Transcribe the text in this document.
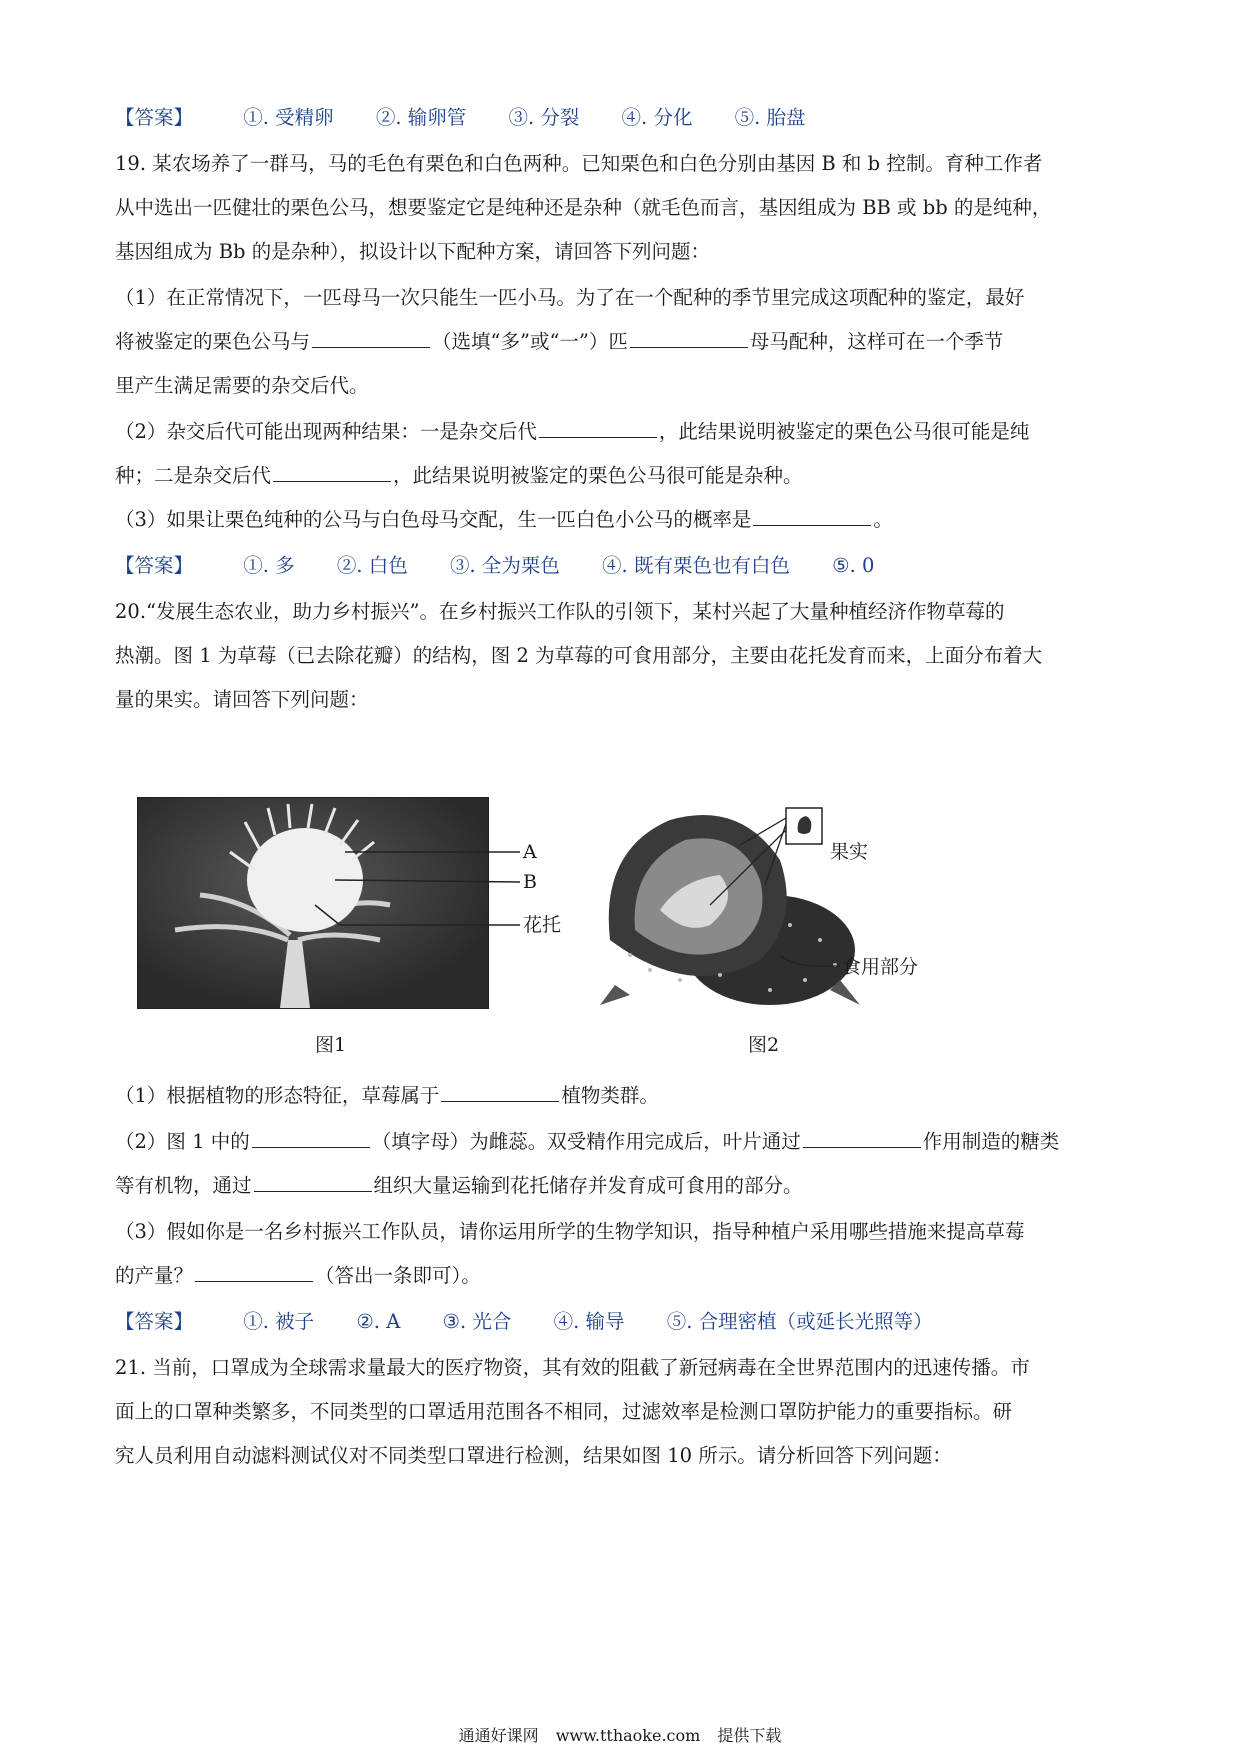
【答案】	①. 受精卵 ②. 输卵管 ③. 分裂 ④. 分化 ⑤. 胎盘
19. 某农场养了一群马，马的毛色有栗色和白色两种。已知栗色和白色分别由基因 B 和 b 控制。育种工作者
从中选出一匹健壮的栗色公马，想要鉴定它是纯种还是杂种（就毛色而言，基因组成为 BB 或 bb 的是纯种，
基因组成为 Bb 的是杂种），拟设计以下配种方案，请回答下列问题：
（1）在正常情况下，一匹母马一次只能生一匹小马。为了在一个配种的季节里完成这项配种的鉴定，最好
将被鉴定的栗色公马与	（选填“多”或“一”）匹	母马配种，这样可在一个季节
里产生满足需要的杂交后代。
（2）杂交后代可能出现两种结果：一是杂交后代	，此结果说明被鉴定的栗色公马很可能是纯
种；二是杂交后代	，此结果说明被鉴定的栗色公马很可能是杂种。
（3）如果让栗色纯种的公马与白色母马交配，生一匹白色小公马的概率是	。
【答案】	①. 多 ②. 白色 ③. 全为栗色 ④. 既有栗色也有白色 ⑤. 0
20.“发展生态农业，助力乡村振兴”。在乡村振兴工作队的引领下，某村兴起了大量种植经济作物草莓的
热潮。图 1 为草莓（已去除花瓣）的结构，图 2 为草莓的可食用部分，主要由花托发育而来，上面分布着大
量的果实。请回答下列问题：
A
B
花托
图1
果实
食用部分
图2
（1）根据植物的形态特征，草莓属于	植物类群。
（2）图 1 中的	（填字母）为雌蕊。双受精作用完成后，叶片通过	作用制造的糖类
等有机物，通过	组织大量运输到花托储存并发育成可食用的部分。
（3）假如你是一名乡村振兴工作队员，请你运用所学的生物学知识，指导种植户采用哪些措施来提高草莓
的产量？	（答出一条即可）。
【答案】	①. 被子 ②. A ③. 光合 ④. 输导 ⑤. 合理密植（或延长光照等）
21. 当前，口罩成为全球需求量最大的医疗物资，其有效的阻截了新冠病毒在全世界范围内的迅速传播。市
面上的口罩种类繁多，不同类型的口罩适用范围各不相同，过滤效率是检测口罩防护能力的重要指标。研
究人员利用自动滤料测试仪对不同类型口罩进行检测，结果如图 10 所示。请分析回答下列问题：
通通好课网 www.tthaoke.com 提供下载
